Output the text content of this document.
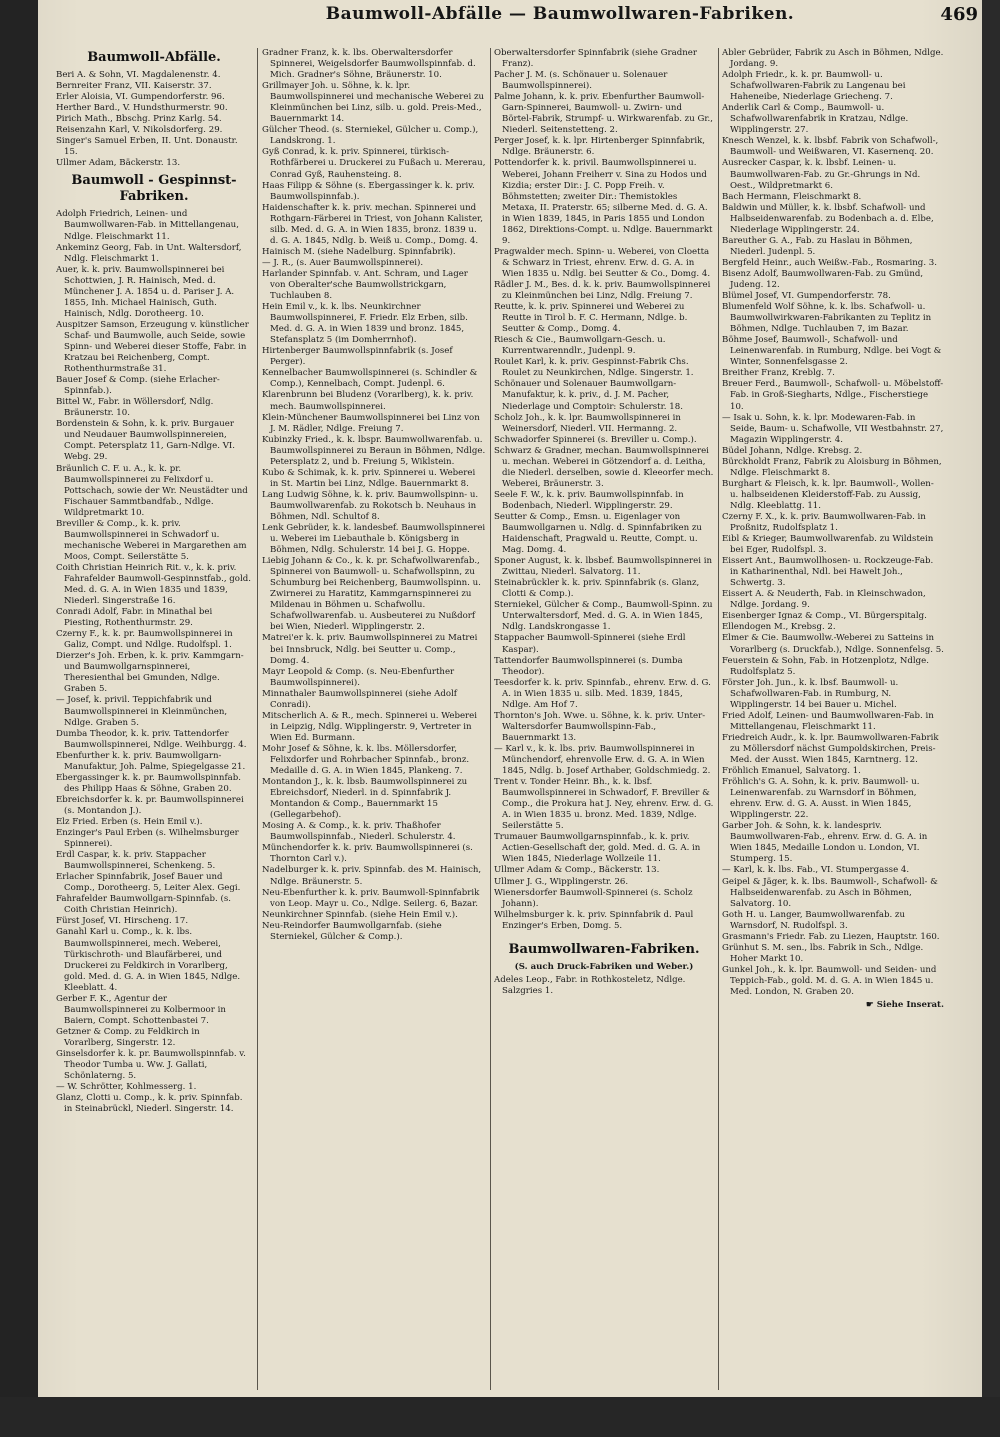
Baumwoll-Abfälle — Baumwollwaren-Fabriken.	469
Baumwoll-Abfälle.

Beri A. & Sohn, VI. Magdalenenstr. 4.

Bernreiter Franz, VII. Kaiserstr. 37.

Erler Aloisia, VI. Gumpendorferstr. 96.

Herther Bard., V. Hundsthurmerstr. 90.

Pirich Math., Bbschg. Prinz Karlg. 54.

Reisenzahn Karl, V. Nikolsdorferg. 29.

Singer's Samuel Erben, II. Unt. Donaustr. 15.

Ullmer Adam, Bäckerstr. 13.

Baumwoll - Gespinnst-Fabriken.

Adolph Friedrich, Leinen- und Baumwollwaren-Fab. in Mittellangenau, Ndlge. Fleischmarkt 11.

Ankeminz Georg, Fab. in Unt. Waltersdorf, Ndlg. Fleischmarkt 1.

Auer, k. k. priv. Baumwollspinnerei bei Schottwien, J. R. Hainisch, Med. d. Münchener J. A. 1854 u. d. Pariser J. A. 1855, Inh. Michael Hainisch, Guth. Hainisch, Ndlg. Dorotheerg. 10.

Auspitzer Samson, Erzeugung v. künstlicher Schaf- und Baumwolle, auch Seide, sowie Spinn- und Weberei dieser Stoffe, Fabr. in Kratzau bei Reichenberg, Compt. Rothenthurmstraße 31.

Bauer Josef & Comp. (siehe Erlacher-Spinnfab.).

Bittel W., Fabr. in Wöllersdorf, Ndlg. Bräunerstr. 10.

Bordenstein & Sohn, k. k. priv. Burgauer und Neudauer Baumwollspinnereien, Compt. Petersplatz 11, Garn-Ndlge. VI. Webg. 29.

Bräunlich C. F. u. A., k. k. pr. Baumwollspinnerei zu Felixdorf u. Pottschach, sowie der Wr. Neustädter und Fischauer Sammtbandfab., Ndlge. Wildpretmarkt 10.

Breviller & Comp., k. k. priv. Baumwollspinnerei in Schwadorf u. mechanische Weberei in Margarethen am Moos, Compt. Seilerstätte 5.

Coith Christian Heinrich Rit. v., k. k. priv. Fahrafelder Baumwoll-Gespinnstfab., gold. Med. d. G. A. in Wien 1835 und 1839, Niederl. Singerstraße 16.

Conradi Adolf, Fabr. in Minathal bei Piesting, Rothenthurmstr. 29.

Czerny F., k. k. pr. Baumwollspinnerei in Galiz, Compt. und Ndlge. Rudolfspl. 1.

Dierzer's Joh. Erben, k. k. priv. Kammgarn- und Baumwollgarnspinnerei, Theresienthal bei Gmunden, Ndlge. Graben 5.

— Josef, k. privil. Teppichfabrik und Baumwollspinnerei in Kleinmünchen, Ndlge. Graben 5.

Dumba Theodor, k. k. priv. Tattendorfer Baumwollspinnerei, Ndlge. Weihburgg. 4.

Ebenfurther k. k. priv. Baumwollgarn-Manufaktur, Joh. Palme, Spiegelgasse 21.

Ebergassinger k. k. pr. Baumwollspinnfab. des Philipp Haas & Söhne, Graben 20.

Ebreichsdorfer k. k. pr. Baumwollspinnerei (s. Montandon J.).

Elz Fried. Erben (s. Hein Emil v.).

Enzinger's Paul Erben (s. Wilhelmsburger Spinnerei).

Erdl Caspar, k. k. priv. Stappacher Baumwollspinnerei, Schenkeng. 5.

Erlacher Spinnfabrik, Josef Bauer und Comp., Dorotheerg. 5, Leiter Alex. Gegi.

Fahrafelder Baumwollgarn-Spinnfab. (s. Coith Christian Heinrich).

Fürst Josef, VI. Hirscheng. 17.

Ganahl Karl u. Comp., k. k. lbs. Baumwollspinnerei, mech. Weberei, Türkischroth- und Blaufärberei, und Druckerei zu Feldkirch in Vorarlberg, gold. Med. d. G. A. in Wien 1845, Ndlge. Kleeblatt. 4.

Gerber F. K., Agentur der Baumwollspinnerei zu Kolbermoor in Baiern, Compt. Schottenbastei 7.

Getzner & Comp. zu Feldkirch in Vorarlberg, Singerstr. 12.

Ginselsdorfer k. k. pr. Baumwollspinnfab. v. Theodor Tumba u. Ww. J. Gallati, Schönlaterng. 5.

— W. Schrötter, Kohlmesserg. 1.

Glanz, Clotti u. Comp., k. k. priv. Spinnfab. in Steinabrückl, Niederl. Singerstr. 14.

Gradner Franz, k. k. lbs. Oberwaltersdorfer Spinnerei, Weigelsdorfer Baumwollspinnfab. d. Mich. Gradner's Söhne, Bräunerstr. 10.

Grillmayer Joh. u. Söhne, k. k. lpr. Baumwollspinnerei und mechanische Weberei zu Kleinmünchen bei Linz, silb. u. gold. Preis-Med., Bauernmarkt 14.

Gülcher Theod. (s. Sterniekel, Gülcher u. Comp.), Landskrong. 1.

Gyß Conrad, k. k. priv. Spinnerei, türkisch-Rothfärberei u. Druckerei zu Fußach u. Mererau, Conrad Gyß, Rauhensteing. 8.

Haas Filipp & Söhne (s. Ebergassinger k. k. priv. Baumwollspinnfab.).

Haidenschafter k. k. priv. mechan. Spinnerei und Rothgarn-Färberei in Triest, von Johann Kalister, silb. Med. d. G. A. in Wien 1835, bronz. 1839 u. d. G. A. 1845, Ndlg. b. Weiß u. Comp., Domg. 4.

Hainisch M. (siehe Nadelburg. Spinnfabrik).

— J. R., (s. Auer Baumwollspinnerei).

Harlander Spinnfab. v. Ant. Schram, und Lager von Oberalter'sche Baumwollstrickgarn, Tuchlauben 8.

Hein Emil v., k. k. lbs. Neunkirchner Baumwollspinnerei, F. Friedr. Elz Erben, silb. Med. d. G. A. in Wien 1839 und bronz. 1845, Stefansplatz 5 (im Domherrnhof).

Hirtenberger Baumwollspinnfabrik (s. Josef Perger).

Kennelbacher Baumwollspinnerei (s. Schindler & Comp.), Kennelbach, Compt. Judenpl. 6.

Klarenbrunn bei Bludenz (Vorarlberg), k. k. priv. mech. Baumwollspinnerei.

Klein-Münchener Baumwollspinnerei bei Linz von J. M. Rädler, Ndlge. Freiung 7.

Kubinzky Fried., k. k. lbspr. Baumwollwarenfab. u. Baumwollspinnerei zu Beraun in Böhmen, Ndlge. Petersplatz 2, und b. Freiung 5, Wiklstein.

Kubo & Schimak, k. k. priv. Spinnerei u. Weberei in St. Martin bei Linz, Ndlge. Bauernmarkt 8.

Lang Ludwig Söhne, k. k. priv. Baumwollspinn- u. Baumwollwarenfab. zu Rokotsch b. Neuhaus in Böhmen, Ndl. Schultof 8.

Lenk Gebrüder, k. k. landesbef. Baumwollspinnerei u. Weberei im Liebauthale b. Königsberg in Böhmen, Ndlg. Schulerstr. 14 bei J. G. Hoppe.

Liebig Johann & Co., k. k. pr. Schafwollwarenfab., Spinnerei von Baumwoll- u. Schafwollspinn, zu Schumburg bei Reichenberg, Baumwollspinn. u. Zwirnerei zu Haratitz, Kammgarnspinnerei zu Mildenau in Böhmen u. Schafwollu. Schafwollwarenfab. u. Ausbeuterei zu Nußdorf bei Wien, Niederl. Wipplingerstr. 2.

Matrei'er k. k. priv. Baumwollspinnerei zu Matrei bei Innsbruck, Ndlg. bei Seutter u. Comp., Domg. 4.

Mayr Leopold & Comp. (s. Neu-Ebenfurther Baumwollspinnerei).

Minnathaler Baumwollspinnerei (siehe Adolf Conradi).

Mitscherlich A. & R., mech. Spinnerei u. Weberei in Leipzig, Ndlg. Wipplingerstr. 9, Vertreter in Wien Ed. Burmann.

Mohr Josef & Söhne, k. k. lbs. Möllersdorfer, Felixdorfer und Rohrbacher Spinnfab., bronz. Medaille d. G. A. in Wien 1845, Plankeng. 7.

Montandon J., k. k. lbsb. Baumwollspinnerei zu Ebreichsdorf, Niederl. in d. Spinnfabrik J. Montandon & Comp., Bauernmarkt 15 (Gellegarbehof).

Mosing A. & Comp., k. k. priv. Thaßhofer Baumwollspinnfab., Niederl. Schulerstr. 4.

Münchendorfer k. k. priv. Baumwollspinnerei (s. Thornton Carl v.).

Nadelburger k. k. priv. Spinnfab. des M. Hainisch, Ndlge. Bräunerstr. 5.

Neu-Ebenfurther k. k. priv. Baumwoll-Spinnfabrik von Leop. Mayr u. Co., Ndlge. Seilerg. 6, Bazar.

Neunkirchner Spinnfab. (siehe Hein Emil v.).

Neu-Reindorfer Baumwollgarnfab. (siehe Sterniekel, Gülcher & Comp.).

Oberwaltersdorfer Spinnfabrik (siehe Gradner Franz).

Pacher J. M. (s. Schönauer u. Solenauer Baumwollspinnerei).

Palme Johann, k. k. priv. Ebenfurther Baumwoll-Garn-Spinnerei, Baumwoll- u. Zwirn- und Börtel-Fabrik, Strumpf- u. Wirkwarenfab. zu Gr., Niederl. Seitenstetteng. 2.

Perger Josef, k. k. lpr. Hirtenberger Spinnfabrik, Ndlge. Bräunerstr. 6.

Pottendorfer k. k. privil. Baumwollspinnerei u. Weberei, Johann Freiherr v. Sina zu Hodos und Kizdia; erster Dir.: J. C. Popp Freih. v. Böhmstetten; zweiter Dir.: Themistokles Metaxa, II. Praterstr. 65; silberne Med. d. G. A. in Wien 1839, 1845, in Paris 1855 und London 1862, Direktions-Compt. u. Ndlge. Bauernmarkt 9.

Pragwalder mech. Spinn- u. Weberei, von Cloetta & Schwarz in Triest, ehrenv. Erw. d. G. A. in Wien 1835 u. Ndlg. bei Seutter & Co., Domg. 4.

Rädler J. M., Bes. d. k. k. priv. Baumwollspinnerei zu Kleinmünchen bei Linz, Ndlg. Freiung 7.

Reutte, k. k. priv. Spinnerei und Weberei zu Reutte in Tirol b. F. C. Hermann, Ndlge. b. Seutter & Comp., Domg. 4.

Riesch & Cie., Baumwollgarn-Gesch. u. Kurrentwarenndlr., Judenpl. 9.

Roulet Karl, k. k. priv. Gespinnst-Fabrik Chs. Roulet zu Neunkirchen, Ndlge. Singerstr. 1.

Schönauer und Solenauer Baumwollgarn-Manufaktur, k. k. priv., d. J. M. Pacher, Niederlage und Comptoir: Schulerstr. 18.

Scholz Joh., k. k. lpr. Baumwollspinnerei in Weinersdorf, Niederl. VII. Hermanng. 2.

Schwadorfer Spinnerei (s. Breviller u. Comp.).

Schwarz & Gradner, mechan. Baumwollspinnerei u. mechan. Weberei in Götzendorf a. d. Leitha, die Niederl. derselben, sowie d. Kleeorfer mech. Weberei, Bräunerstr. 3.

Seele F. W., k. k. priv. Baumwollspinnfab. in Bodenbach, Niederl. Wipplingerstr. 29.

Seutter & Comp., Emsn. u. Eigenlager von Baumwollgarnen u. Ndlg. d. Spinnfabriken zu Haidenschaft, Pragwald u. Reutte, Compt. u. Mag. Domg. 4.

Sponer August, k. k. lbsbef. Baumwollspinnerei in Zwittau, Niederl. Salvatorg. 11.

Steinabrückler k. k. priv. Spinnfabrik (s. Glanz, Clotti & Comp.).

Sterniekel, Gülcher & Comp., Baumwoll-Spinn. zu Unterwaltersdorf, Med. d. G. A. in Wien 1845, Ndlg. Landskrongasse 1.

Stappacher Baumwoll-Spinnerei (siehe Erdl Kaspar).

Tattendorfer Baumwollspinnerei (s. Dumba Theodor).

Teesdorfer k. k. priv. Spinnfab., ehrenv. Erw. d. G. A. in Wien 1835 u. silb. Med. 1839, 1845, Ndlge. Am Hof 7.

Thornton's Joh. Wwe. u. Söhne, k. k. priv. Unter-Waltersdorfer Baumwollspinn-Fab., Bauernmarkt 13.

— Karl v., k. k. lbs. priv. Baumwollspinnerei in Münchendorf, ehrenvolle Erw. d. G. A. in Wien 1845, Ndlg. b. Josef Arthaber, Goldschmiedg. 2.

Trent v. Tonder Heinr. Bh., k. k. lbsf. Baumwollspinnerei in Schwadorf, F. Breviller & Comp., die Prokura hat J. Ney, ehrenv. Erw. d. G. A. in Wien 1835 u. bronz. Med. 1839, Ndlge. Seilerstätte 5.

Trumauer Baumwollgarnspinnfab., k. k. priv. Actien-Gesellschaft der, gold. Med. d. G. A. in Wien 1845, Niederlage Wollzeile 11.

Ullmer Adam & Comp., Bäckerstr. 13.

Ullmer J. G., Wipplingerstr. 26.

Wienersdorfer Baumwoll-Spinnerei (s. Scholz Johann).

Wilhelmsburger k. k. priv. Spinnfabrik d. Paul Enzinger's Erben, Domg. 5.

Baumwollwaren-Fabriken.
(S. auch Druck-Fabriken und Weber.)

Adeles Leop., Fabr. in Rothkosteletz, Ndlge. Salzgries 1.

Abler Gebrüder, Fabrik zu Asch in Böhmen, Ndlge. Jordang. 9.

Adolph Friedr., k. k. pr. Baumwoll- u. Schafwollwaren-Fabrik zu Langenau bei Haheneibe, Niederlage Griecheng. 7.

Anderlik Carl & Comp., Baumwoll- u. Schafwollwarenfabrik in Kratzau, Ndlge. Wipplingerstr. 27.

Knesch Wenzel, k. k. lbsbf. Fabrik von Schafwoll-, Baumwoll- und Weißwaren, VI. Kasernenq. 20.

Ausrecker Caspar, k. k. lbsbf. Leinen- u. Baumwollwaren-Fab. zu Gr.-Ghrungs in Nd. Oest., Wildpretmarkt 6.

Bach Hermann, Fleischmarkt 8.

Baldwin und Müller, k. k. lbsbf. Schafwoll- und Halbseidenwarenfab. zu Bodenbach a. d. Elbe, Niederlage Wipplingerstr. 24.

Bareuther G. A., Fab. zu Haslau in Böhmen, Niederl. Judenpl. 5.

Bergfeld Heinr., auch Weißw.-Fab., Rosmaring. 3.

Bisenz Adolf, Baumwollwaren-Fab. zu Gmünd, Judeng. 12.

Blümel Josef, VI. Gumpendorferstr. 78.

Blumenfeld Wolf Söhne, k. k. lbs. Schafwoll- u. Baumwollwirkwaren-Fabrikanten zu Teplitz in Böhmen, Ndlge. Tuchlauben 7, im Bazar.

Böhme Josef, Baumwoll-, Schafwoll- und Leinenwarenfab. in Rumburg, Ndlge. bei Vogt & Winter, Sonnenfelsgasse 2.

Breither Franz, Kreblg. 7.

Breuer Ferd., Baumwoll-, Schafwoll- u. Möbelstoff-Fab. in Groß-Siegharts, Ndlge., Fischerstiege 10.

— Isak u. Sohn, k. k. lpr. Modewaren-Fab. in Seide, Baum- u. Schafwolle, VII Westbahnstr. 27, Magazin Wipplingerstr. 4.

Büdel Johann, Ndlge. Krebsg. 2.

Bürckholdt Franz, Fabrik zu Aloisburg in Böhmen, Ndlge. Fleischmarkt 8.

Burghart & Fleisch, k. k. lpr. Baumwoll-, Wollen- u. halbseidenen Kleiderstoff-Fab. zu Aussig, Ndlg. Kleeblattg. 11.

Czerny F. X., k. k. priv. Baumwollwaren-Fab. in Proßnitz, Rudolfsplatz 1.

Eibl & Krieger, Baumwollwarenfab. zu Wildstein bei Eger, Rudolfspl. 3.

Eissert Ant., Baumwollhosen- u. Rockzeuge-Fab. in Katharinenthal, Ndl. bei Hawelt Joh., Schwertg. 3.

Eissert A. & Neuderth, Fab. in Kleinschwadon, Ndlge. Jordang. 9.

Eisenberger Ignaz & Comp., VI. Bürgerspitalg.

Ellendogen M., Krebsg. 2.

Elmer & Cie. Baumwollw.-Weberei zu Satteins in Vorarlberg (s. Druckfab.), Ndlge. Sonnenfelsg. 5.

Feuerstein & Sohn, Fab. in Hotzenplotz, Ndlge. Rudolfsplatz 5.

Förster Joh. Jun., k. k. lbsf. Baumwoll- u. Schafwollwaren-Fab. in Rumburg, N. Wipplingerstr. 14 bei Bauer u. Michel.

Fried Adolf, Leinen- und Baumwollwaren-Fab. in Mittellangenau, Fleischmarkt 11.

Friedreich Audr., k. k. lpr. Baumwollwaren-Fabrik zu Möllersdorf nächst Gumpoldskirchen, Preis-Med. der Ausst. Wien 1845, Karntnerg. 12.

Fröhlich Emanuel, Salvatorg. 1.

Fröhlich's G. A. Sohn, k. k. priv. Baumwoll- u. Leinenwarenfab. zu Warnsdorf in Böhmen, ehrenv. Erw. d. G. A. Ausst. in Wien 1845, Wipplingerstr. 22.

Garber Joh. & Sohn, k. k. landespriv. Baumwollwaren-Fab., ehrenv. Erw. d. G. A. in Wien 1845, Medaille London u. London, VI. Stumperg. 15.

— Karl, k. k. lbs. Fab., VI. Stumpergasse 4.

Geipel & Jäger, k. k. lbs. Baumwoll-, Schafwoll- & Halbseidenwarenfab. zu Asch in Böhmen, Salvatorg. 10.

Goth H. u. Langer, Baumwollwarenfab. zu Warnsdorf, N. Rudolfspl. 3.

Grasmann's Friedr. Fab. zu Liezen, Hauptstr. 160.

Grünhut S. M. sen., lbs. Fabrik in Sch., Ndlge. Hoher Markt 10.

Gunkel Joh., k. k. lpr. Baumwoll- und Seiden- und Teppich-Fab., gold. M. d. G. A. in Wien 1845 u. Med. London, N. Graben 20.

☛ Siehe Inserat.
